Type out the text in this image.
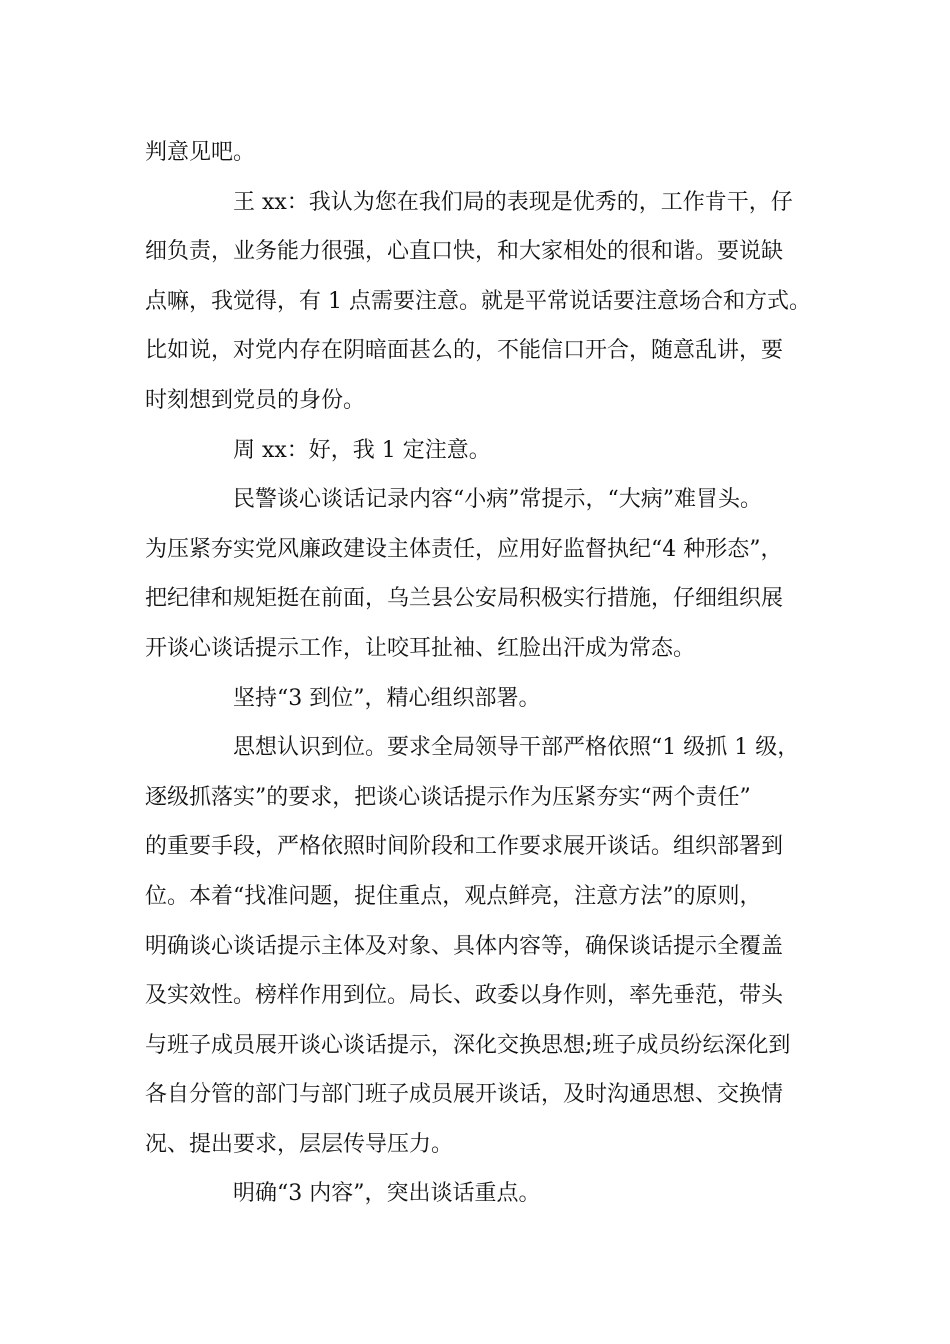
判意见吧。
王 xx：我认为您在我们局的表现是优秀的，工作肯干，仔
细负责，业务能力很强，心直口快，和大家相处的很和谐。要说缺
点嘛，我觉得，有 1 点需要注意。就是平常说话要注意场合和方式。
比如说，对党内存在阴暗面甚么的，不能信口开合，随意乱讲，要
时刻想到党员的身份。
周 xx：好，我 1 定注意。
民警谈心谈话记录内容“小病”常提示，“大病”难冒头。
为压紧夯实党风廉政建设主体责任，应用好监督执纪“4 种形态”，
把纪律和规矩挺在前面，乌兰县公安局积极实行措施，仔细组织展
开谈心谈话提示工作，让咬耳扯袖、红脸出汗成为常态。
坚持“3 到位”，精心组织部署。
思想认识到位。要求全局领导干部严格依照“1 级抓 1 级，
逐级抓落实”的要求，把谈心谈话提示作为压紧夯实“两个责任”
的重要手段，严格依照时间阶段和工作要求展开谈话。组织部署到
位。本着“找准问题，捉住重点，观点鲜亮，注意方法”的原则，
明确谈心谈话提示主体及对象、具体内容等，确保谈话提示全覆盖
及实效性。榜样作用到位。局长、政委以身作则，率先垂范，带头
与班子成员展开谈心谈话提示，深化交换思想;班子成员纷纭深化到
各自分管的部门与部门班子成员展开谈话，及时沟通思想、交换情
况、提出要求，层层传导压力。
明确“3 内容”，突出谈话重点。
